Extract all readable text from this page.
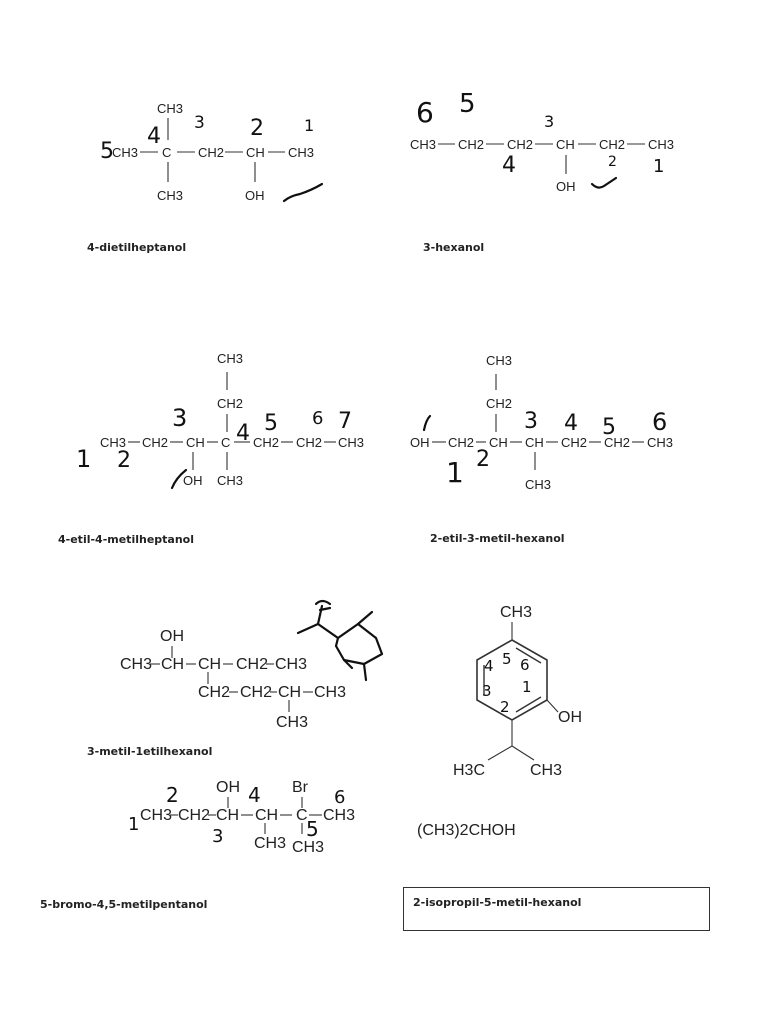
CH3
CH3 C CH2 CH CH3
CH3	OH
5
4
3 2	1
CH3 CH2 CH2 CH CH2 CH3
OH
6 5
4
3
2 1
CH3
CH2
CH3 CH2 CH C CH2 CH2 CH3
OH CH3
1 2
3
4 5 6 7
CH3
CH2
OH CH2 CH CH CH2 CH2 CH3
CH3
1 2
3 4 5 6
OH
CH3 CH CH CH2 CH3
CH2 CH2 CH CH3
CH3
CH3
OH
H3C	CH3
4 5 6
1
3
2
OH	Br
CH3 CH2 CH CH C CH3
CH3 CH3
1
2
3
4
5
6
(CH3)2CHOH
4-dietilheptanol	3-hexanol
4-etil-4-metilheptanol	2-etil-3-metil-hexanol
3-metil-1etilhexanol
5-bromo-4,5-metilpentanol	2-isopropil-5-metil-hexanol
